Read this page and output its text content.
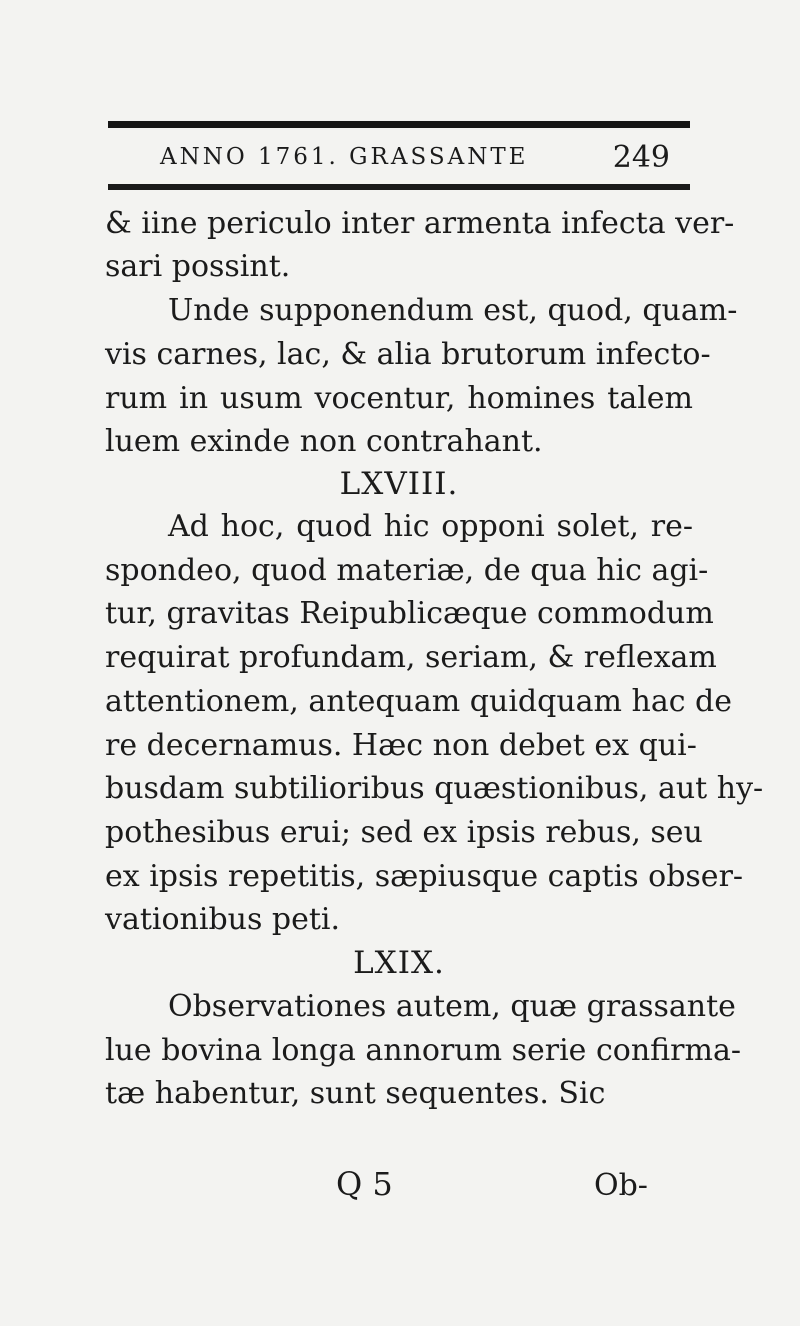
ANNO 1761. GRASSANTE	249
& iine periculo inter armenta infecta ver-
sari possint.
Unde supponendum est, quod, quam-
vis carnes, lac, & alia brutorum infecto-
rum in usum vocentur, homines talem
luem exinde non contrahant.
LXVIII.
Ad hoc, quod hic opponi solet, re-
spondeo, quod materiæ, de qua hic agi-
tur, gravitas Reipublicæque commodum
requirat profundam, seriam, & reflexam
attentionem, antequam quidquam hac de
re decernamus. Hæc non debet ex qui-
busdam subtilioribus quæstionibus, aut hy-
pothesibus erui; sed ex ipsis rebus, seu
ex ipsis repetitis, sæpiusque captis obser-
vationibus peti.
LXIX.
Observationes autem, quæ grassante
lue bovina longa annorum serie confirma-
tæ habentur, sunt sequentes. Sic
Q 5	Ob-
